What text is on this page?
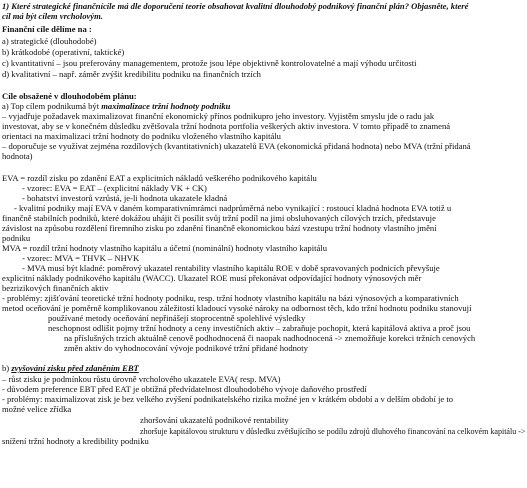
1) Které strategické finančnícíle má dle doporučení teorie obsahovat kvalitní dlouhodobý podnikový finanční plán? Objasněte, které
cíl má být cílem vrcholovým.
Finanční cíle dělíme na :
a) strategické (dlouhodobé)
b) krátkodobé (operativní, taktické)
c) kvantitativní – jsou preferovány managementem, protože jsou lépe objektivně kontrolovatelné a mají výhodu určitosti
d) kvalitativní – např. záměr zvýšit kredibilitu podniku na finančních trzích
Cíle obsažené v dlouhodobém plánu:
a) Top cílem podnikumá být maximalizace tržní hodnoty podniku
– vyjadřuje požadavek maximalizovat finanční ekonomický přínos podnikupro jeho investory. Vyjistěm smyslu jde o radu jak
investovat, aby se v konečném důsledku zvětšovala tržní hodnota portfolia veškerých aktiv investora. V tomto případě to znamená
orientaci na maximalizaci tržní hodnoty do podniku vloženého vlastního kapitálu
– doporučuje se využívat zejména rozdílových (kvantitativních) ukazatelů EVA (ekonomická přidaná hodnota) nebo MVA (tržní přidaná
hodnota)
EVA = rozdíl zisku po zdanění EAT a explicitních nákladů veškerého podnikového kapitálu
- vzorec: EVA = EAT – (explicitní náklady VK + CK)
- bohatství investorů vzrůstá, je-li hodnota ukazatele kladná
- kvalitní podniky mají EVA v daném komparativnímrámci nadprůměrná nebo vynikající : rostoucí kladná hodnota EVA totiž u
finančně stabilních podniků, které dokážou uhájit či posílit svůj tržní podíl na jimi obsluhovaných cílových trzích, představuje
závislost na způsobu rozdělení firemního zisku po zdanění finančně ekonomickou bází vzestupu tržní hodnoty vlastního jmění
podniku
MVA = rozdíl tržní hodnoty vlastního kapitálu a účetní (nominální) hodnoty vlastního kapitálu
- vzorec: MVA = THVK – NHVK
- MVA musí být kladné: poměrový ukazatel rentability vlastního kapitálu ROE v době spravovaných podnicích převyšuje
explicitní náklady podnikového kapitálu (WACC). Ukazatel ROE musí překonávat odpovídající hodnoty výnosových měr
bezrizikových finančních aktiv
- problémy: zjišťování teoretické tržní hodnoty podniku, resp. tržní hodnoty vlastního kapitálu na bázi výnosových a komparativních
metod oceňování je poměrně komplikovanou záležitostí kladoucí vysoké nároky na odbornost těch, kdo tržní hodnotu podniku stanovují
používané metody oceňování nepřinášejí stoprocentně spolehlivé výsledky
neschopnost odlišit pojmy tržní hodnoty a ceny investičních aktiv – zabraňuje pochopit, která kapitálová aktiva a proč jsou
na příslušných trzích aktuálně cenově podhodnocená či naopak nadhodnocená -> znemožňuje korekci tržních cenových
změn aktiv do vyhodnocování vývoje podnikové tržní přidané hodnoty
b) zvyšování zisku před zdaněním EBT
– růst zisku je podmínkou růstu úrovně vrcholového ukazatele EVA( resp. MVA)
- důvodem preference EBT před EAT je obtížná předvídatelnost dlouhodobého vývoje daňového prostředí
- problémy: maximalizovat zisk je bez velkého zvýšení podnikatelského rizika možné jen v krátkém období a v delším období je to
možné velice zřídka
zhoršování ukazatelů podnikové rentability
zhoršuje kapitálovou strukturu v důsledku zvětšujícího se podílu zdrojů dluhového financování na celkovém kapitálu ->
snížení tržní hodnoty a kredibility podniku
